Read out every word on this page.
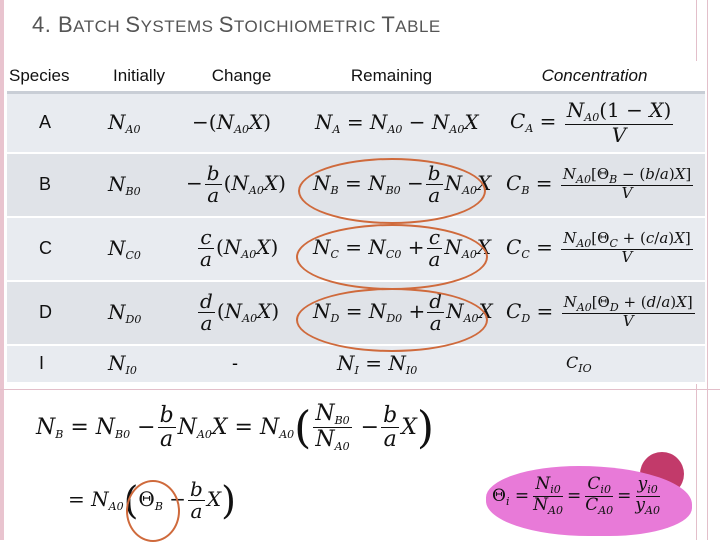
4. BATCH SYSTEMS STOICHIOMETRIC TABLE
Species	Initially	Change	Remaining	Concentration
A	$N_{A0}$	$-(N_{A0}X)$	$N_A = N_{A0} - N_{A0}X$	$C_A = \frac{N_{A0}(1 - X)}{V}$

B	$N_{B0}$	− $\frac{b}{a} (N_{A0}X)$	$N_B = N_{B0} - \frac{b}{a} N_{A0}X$	$C_B = \frac{N_{A0}[\Theta_B - (b/a)X]}{V}$

C	$N_{C0}$	$\frac{c}{a} (N_{A0}X)$	$N_C = N_{C0} + \frac{c}{a} N_{A0}X$	$C_C = \frac{N_{A0}[\Theta_C + (c/a)X]}{V}$

D	$N_{D0}$	$\frac{d}{a} (N_{A0}X)$	$N_D = N_{D0} + \frac{d}{a} N_{A0}X$	$C_D = \frac{N_{A0}[\Theta_D + (d/a)X]}{V}$

I	$N_{I0}$	-	$N_I = N_{I0}$	$C_{IO}$
$N_B = N_{B0} - \frac{b}{a} N_{A0}X = N_{A0}( \frac{N_{B0}}{N_{A0}} - \frac{b}{a} X)$
= $N_{A0}(\Theta_B - \frac{b}{a} X)$	$\Theta_i = \frac{N_{i0}}{N_{A0}} = \frac{C_{i0}}{C_{A0}} = \frac{y_{i0}}{y_{A0}}$
